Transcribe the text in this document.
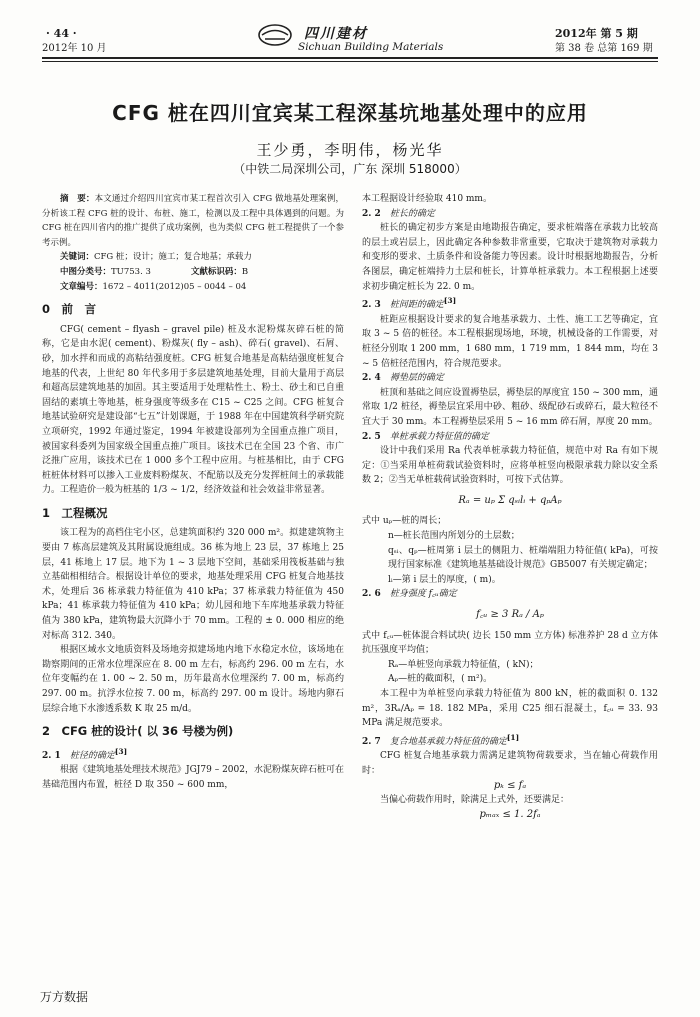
· 44 ·
2012年 10 月
四川建材
Sichuan Building Materials
2012年 第 5 期
第 38 卷 总第 169 期
CFG 桩在四川宜宾某工程深基坑地基处理中的应用
王少勇，李明伟，杨光华
（中铁二局深圳公司，广东 深圳 518000）

摘　要：本文通过介绍四川宜宾市某工程首次引入 CFG 做地基处理案例，分析该工程 CFG 桩的设计、布桩、施工，检测以及工程中具体遇到的问题。为 CFG 桩在四川省内的推广提供了成功案例，也为类似 CFG 桩工程提供了一个参考示例。

关键词：CFG 桩；设计；施工；复合地基；承载力

中图分类号：TU753. 3	文献标识码：B

文章编号：1672 – 4011(2012)05 – 0044 – 04

0　前　言

CFG( cement – flyash – gravel pile) 桩及水泥粉煤灰碎石桩的简称，它是由水泥( cement)、粉煤灰( fly – ash)、碎石( gravel)、石屑、砂，加水拌和而成的高粘结强度桩。CFG 桩复合地基是高粘结强度桩复合地基的代表，上世纪 80 年代多用于多层建筑地基处理，目前大量用于高层和超高层建筑地基的加固。其主要适用于处理粘性土、粉土、砂土和已自重固结的素填土等地基，桩身强度等级多在 C15 ~ C25 之间。CFG 桩复合地基试验研究是建设部“七五”计划课题，于 1988 年在中国建筑科学研究院立项研究，1992 年通过鉴定，1994 年被建设部列为全国重点推广项目，被国家科委列为国家级全国重点推广项目。该技术已在全国 23 个省、市广泛推广应用，该技术已在 1 000 多个工程中应用。与桩基相比，由于 CFG 桩桩体材料可以掺入工业废料粉煤灰、不配筋以及充分发挥桩间土的承载能力。工程造价一般为桩基的 1/3 ~ 1/2，经济效益和社会效益非常显著。

1　工程概况

该工程为的高档住宅小区，总建筑面积约 320 000 m²。拟建建筑物主要由 7 栋高层建筑及其附属设施组成。36 栋为地上 23 层，37 栋地上 25 层，41 栋地上 17 层。地下为 1 ~ 3 层地下空间，基础采用筏板基础与独立基础相相结合。根据设计单位的要求，地基处理采用 CFG 桩复合地基技术，处理后 36 栋承载力特征值为 410 kPa；37 栋承载力特征值为 450 kPa；41 栋承载力特征值为 410 kPa；幼儿园和地下车库地基承载力特征值为 380 kPa，建筑物最大沉降小于 70 mm。工程的 ± 0. 000 相应的绝对标高 312. 340。

根据区域水文地质资料及场地旁拟建场地内地下水稳定水位，该场地在勘察期间的正常水位埋深应在 8. 00 m 左右，标高约 296. 00 m 左右，水位年变幅约在 1. 00 ~ 2. 50 m，历年最高水位埋深约 7. 00 m，标高约 297. 00 m。抗浮水位按 7. 00 m，标高约 297. 00 m 设计。场地内卵石层综合地下水渗透系数 K 取 25 m/d。

2　CFG 桩的设计( 以 36 号楼为例)

2. 1　 桩径的确定[3]

根据《建筑地基处理技术规范》JGJ79 – 2002，水泥粉煤灰碎石桩可在基础范围内布置，桩径 D 取 350 ~ 600 mm，

本工程据设计经验取 410 mm。

2. 2　 桩长的确定

桩长的确定初步方案是由地勘报告确定，要求桩端落在承载力比较高的层土或岩层上，因此确定各种参数非常重要，它取决于建筑物对承载力和变形的要求、土质条件和设备能力等因素。设计时根据地勘报告，分析各图层，确定桩端持力土层和桩长，计算单桩承载力。本工程根据上述要求初步确定桩长为 22. 0 m。

2. 3　 桩间距的确定[3]

桩距应根据设计要求的复合地基承载力、土性、施工工艺等确定，宜取 3 ~ 5 倍的桩径。本工程根据现场地，环境，机械设备的工作需要，对桩径分别取 1 200 mm，1 680 mm，1 719 mm，1 844 mm，均在 3 ~ 5 倍桩径范围内，符合规范要求。

2. 4　 褥垫层的确定

桩顶和基础之间应设置褥垫层，褥垫层的厚度宜 150 ~ 300 mm，通常取 1/2 桩径，褥垫层宜采用中砂、粗砂、级配砂石或碎石，最大粒径不宜大于 30 mm。本工程褥垫层采用 5 ~ 16 mm 碎石屑，厚度 20 mm。

2. 5　 单桩承载力特征值的确定

设计中我们采用 Ra 代表单桩承载力特征值，规范中对 Ra 有如下规定：①当采用单桩荷载试验资料时，应将单桩竖向极限承载力除以安全系数 2；②当无单桩载荷试验资料时，可按下式估算。

Rₐ = uₚ Σ qₛᵢlᵢ + qₚAₚ

式中 uₚ—桩的周长；

n—桩长范围内所划分的土层数；

qₛᵢ、qₚ—桩周第 i 层土的侧阻力、桩端端阻力特征值( kPa)，可按现行国家标准《建筑地基基础设计规范》GB5007 有关规定确定；

lᵢ—第 i 层土的厚度，( m)。

2. 6　 桩身强度 f꜀ᵤ确定

f꜀ᵤ ≥ 3 Rₐ / Aₚ

式中 f꜀ᵤ—桩体混合料试块( 边长 150 mm 立方体) 标准养护 28 d 立方体抗压强度平均值；

Rₐ—单桩竖向承载力特征值，( kN)；

Aₚ—桩的截面积，( m²)。

本工程中为单桩竖向承载力特征值为 800 kN，桩的截面积 0. 132 m²，3Rₐ/Aₚ = 18. 182 MPa，采用 C25 细石混凝土，f꜀ᵤ = 33. 93 MPa 满足规范要求。

2. 7　 复合地基承载力特征值的确定[1]

CFG 桩复合地基承载力需满足建筑物荷载要求，当在轴心荷载作用时：

pₖ ≤ fₐ

当偏心荷载作用时，除满足上式外，还要满足：

pₘₐₓ ≤ 1. 2fₐ

万方数据
